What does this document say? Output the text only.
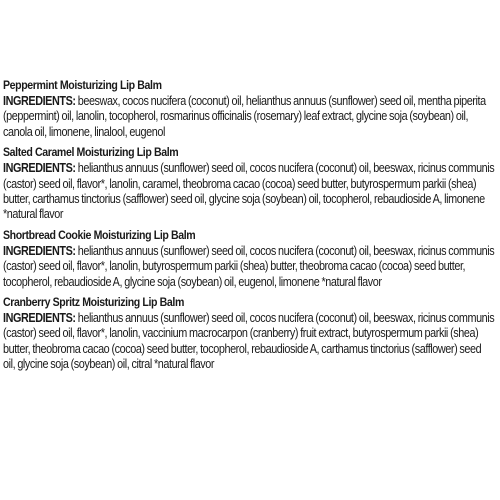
Peppermint Moisturizing Lip Balm
INGREDIENTS: beeswax, cocos nucifera (coconut) oil, helianthus annuus (sunflower) seed oil, mentha piperita (peppermint) oil, lanolin, tocopherol, rosmarinus officinalis (rosemary) leaf extract, glycine soja (soybean) oil, canola oil, limonene, linalool, eugenol
Salted Caramel Moisturizing Lip Balm
INGREDIENTS: helianthus annuus (sunflower) seed oil, cocos nucifera (coconut) oil, beeswax, ricinus communis (castor) seed oil, flavor*, lanolin, caramel, theobroma cacao (cocoa) seed butter, butyrospermum parkii (shea) butter, carthamus tinctorius (safflower) seed oil, glycine soja (soybean) oil, tocopherol, rebaudioside A, limonene *natural flavor
Shortbread Cookie Moisturizing Lip Balm
INGREDIENTS: helianthus annuus (sunflower) seed oil, cocos nucifera (coconut) oil, beeswax, ricinus communis (castor) seed oil, flavor*, lanolin, butyrospermum parkii (shea) butter, theobroma cacao (cocoa) seed butter, tocopherol, rebaudioside A, glycine soja (soybean) oil, eugenol, limonene *natural flavor
Cranberry Spritz Moisturizing Lip Balm
INGREDIENTS: helianthus annuus (sunflower) seed oil, cocos nucifera (coconut) oil, beeswax, ricinus communis (castor) seed oil, flavor*, lanolin, vaccinium macrocarpon (cranberry) fruit extract, butyrospermum parkii (shea) butter, theobroma cacao (cocoa) seed butter, tocopherol, rebaudioside A, carthamus tinctorius (safflower) seed oil, glycine soja (soybean) oil, citral *natural flavor
